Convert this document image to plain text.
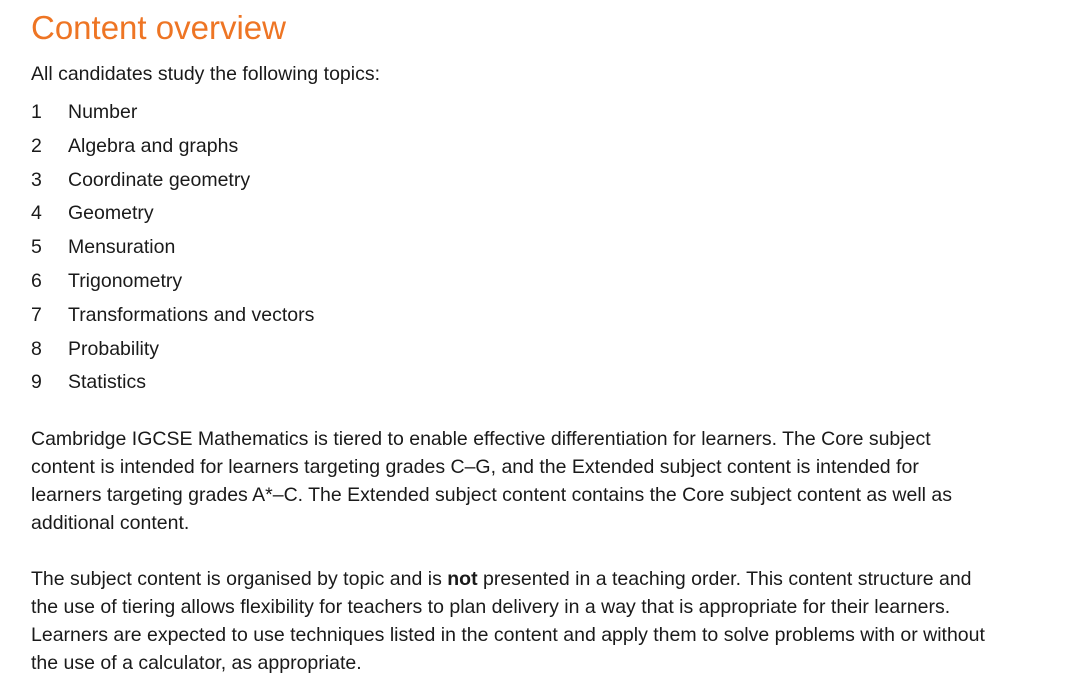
Content overview

All candidates study the following topics:

1	Number
2	Algebra and graphs
3	Coordinate geometry
4	Geometry
5	Mensuration
6	Trigonometry
7	Transformations and vectors
8	Probability
9	Statistics

Cambridge IGCSE Mathematics is tiered to enable effective differentiation for learners. The Core subject
content is intended for learners targeting grades C–G, and the Extended subject content is intended for
learners targeting grades A*–C. The Extended subject content contains the Core subject content as well as
additional content.

The subject content is organised by topic and is not presented in a teaching order. This content structure and
the use of tiering allows flexibility for teachers to plan delivery in a way that is appropriate for their learners.
Learners are expected to use techniques listed in the content and apply them to solve problems with or without
the use of a calculator, as appropriate.
